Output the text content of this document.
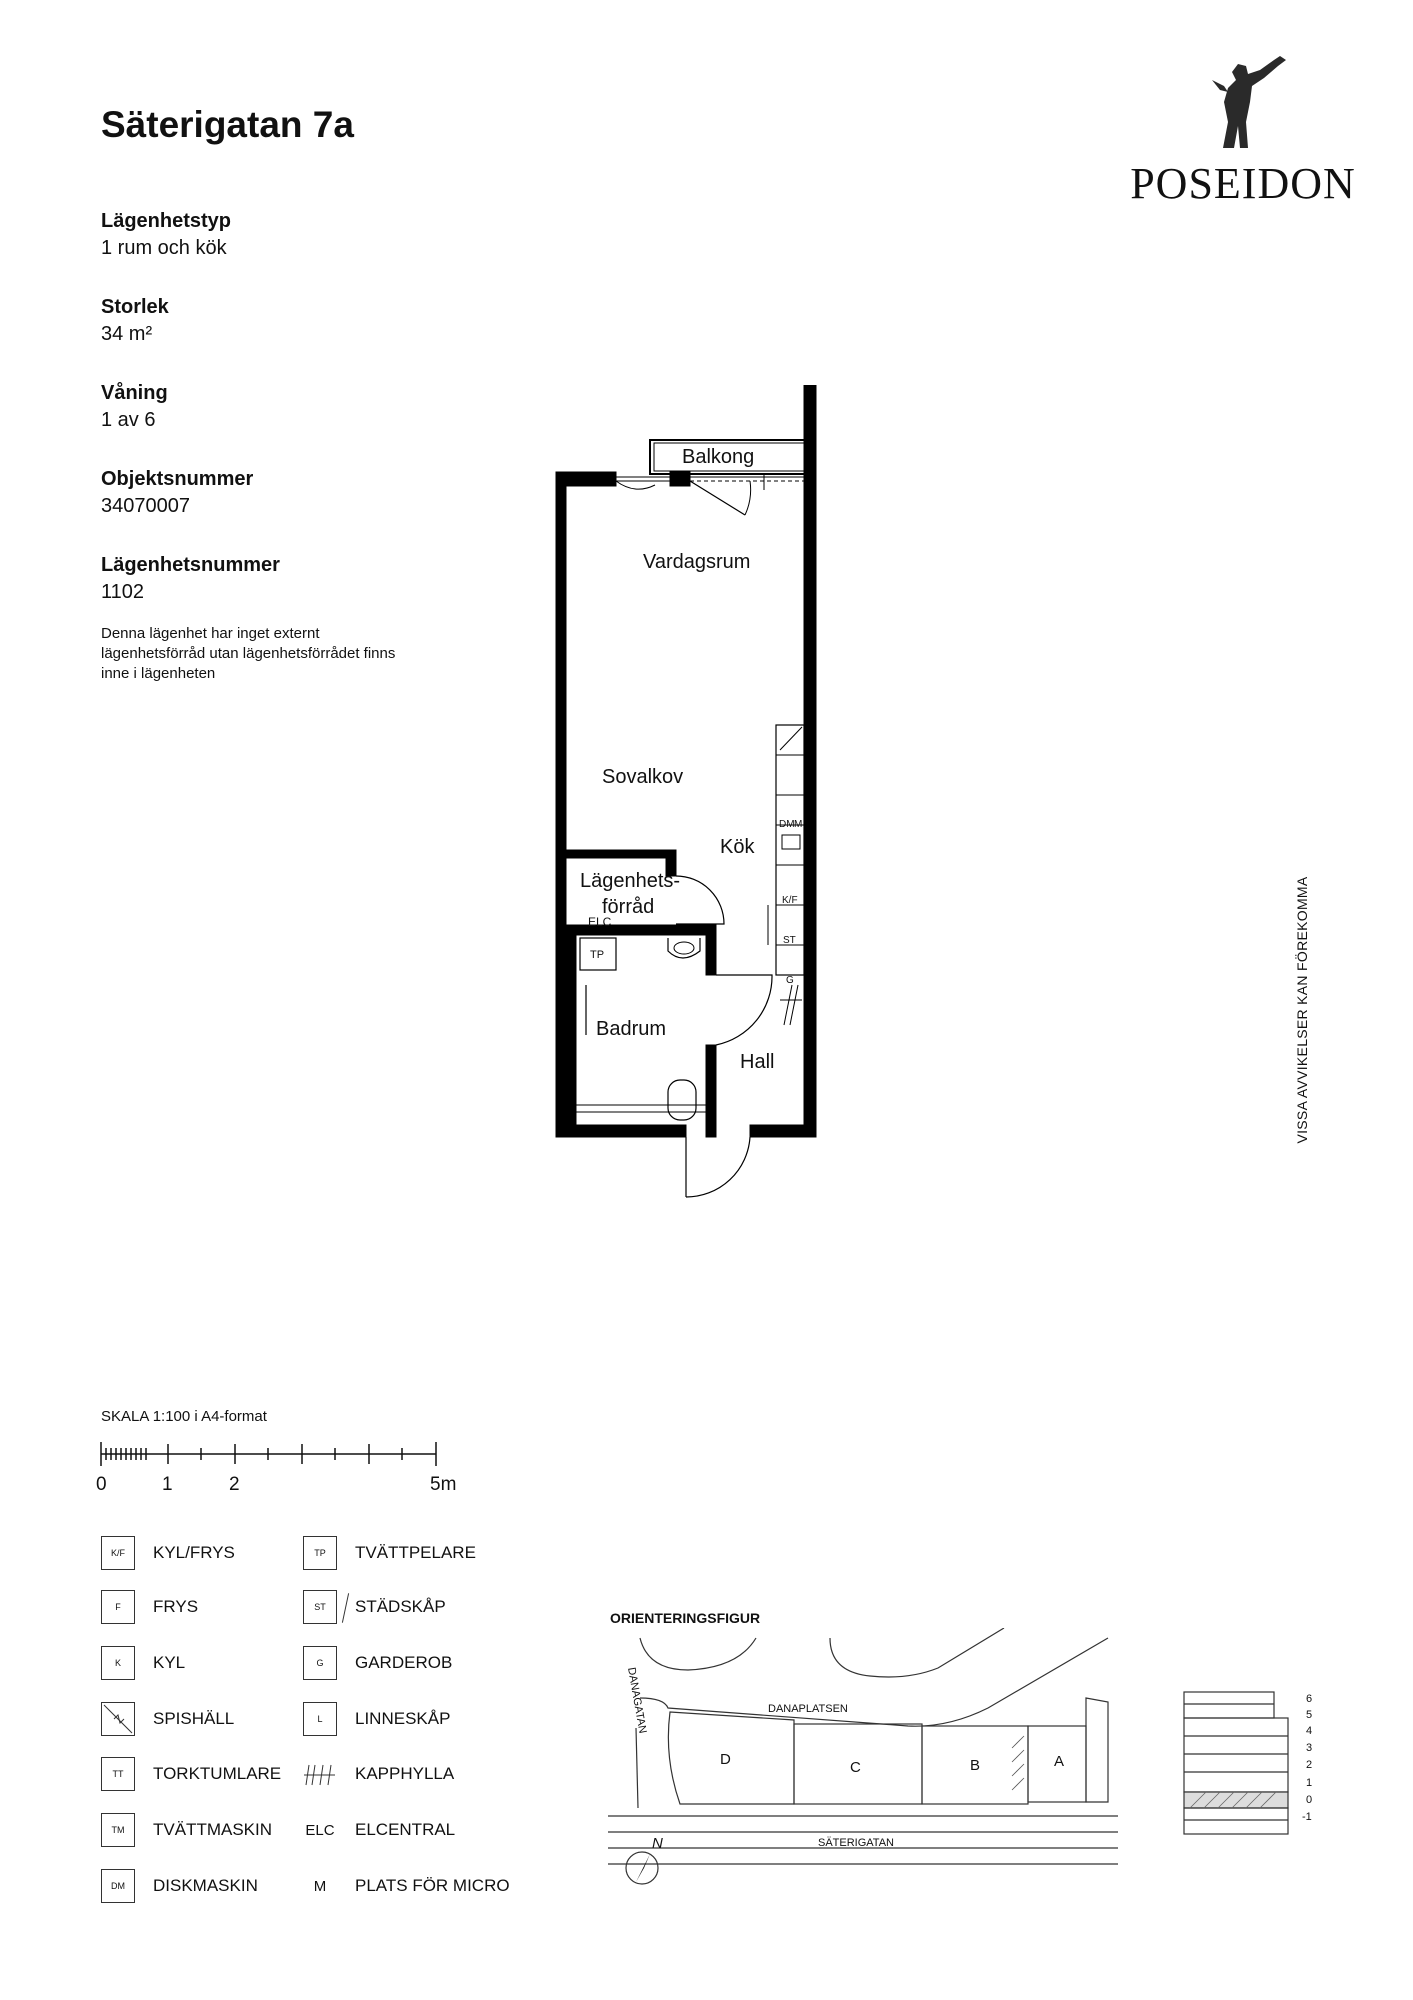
Säterigatan 7a
Lägenhetstyp
1 rum och kök
Storlek
34 m²
Våning
1 av 6
Objektsnummer
34070007
Lägenhetsnummer
1102
Denna lägenhet har inget externt lägenhetsförråd utan lägenhetsförrådet finns inne i lägenheten
POSEIDON
VISSA AVVIKELSER KAN FÖREKOMMA
Balkong
Vardagsrum
Sovalkov
Kök
Lägenhets-
förråd
ELC
TP
Badrum
Hall
DM M
K/F
ST
G
SKALA 1:100 i A4-format
0	1	2	5m
K/F	KYL/FRYS
F	FRYS
K	KYL
SPISHÄLL
TT	TORKTUMLARE
TM	TVÄTTMASKIN
DM	DISKMASKIN
TP	TVÄTTPELARE
ST	STÄDSKÅP
G	GARDEROB
L	LINNESKÅP
KAPPHYLLA
ELC ELCENTRAL
M	PLATS FÖR MICRO
ORIENTERINGSFIGUR
DANAPLATSEN
DANAGATAN
SÄTERIGATAN
D	C	B	A
N
6
5
4
3
2
1
0
-1
